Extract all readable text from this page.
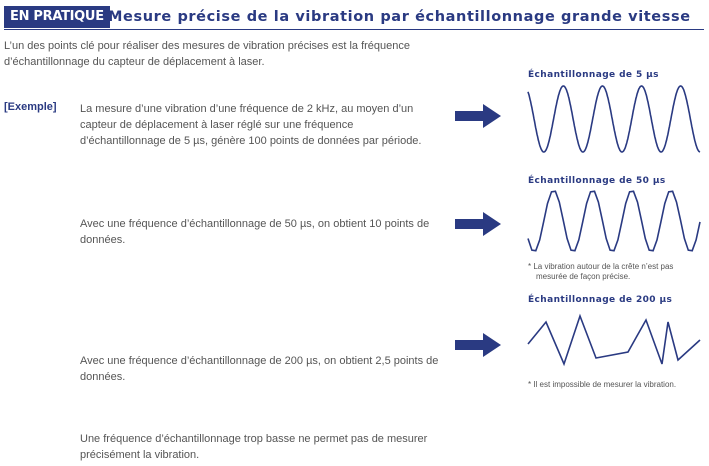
EN PRATIQUE Mesure précise de la vibration par échantillonnage grande vitesse
L’un des points clé pour réaliser des mesures de vibration précises est la fréquence d’échantillonnage du capteur de déplacement à laser.
[Exemple] La mesure d’une vibration d’une fréquence de 2 kHz, au moyen d’un capteur de déplacement à laser réglé sur une fréquence d’échantillonnage de 5 µs, génère 100 points de données par période.
Avec une fréquence d’échantillonnage de 50 µs, on obtient 10 points de données.
Avec une fréquence d’échantillonnage de 200 µs, on obtient 2,5 points de données.
Une fréquence d’échantillonnage trop basse ne permet pas de mesurer précisément la vibration.
Échantillonnage de 5 µs
Échantillonnage de 50 µs
* La vibration autour de la crête n’est pas
mesurée de façon précise.
Échantillonnage de 200 µs
* Il est impossible de mesurer la vibration.
